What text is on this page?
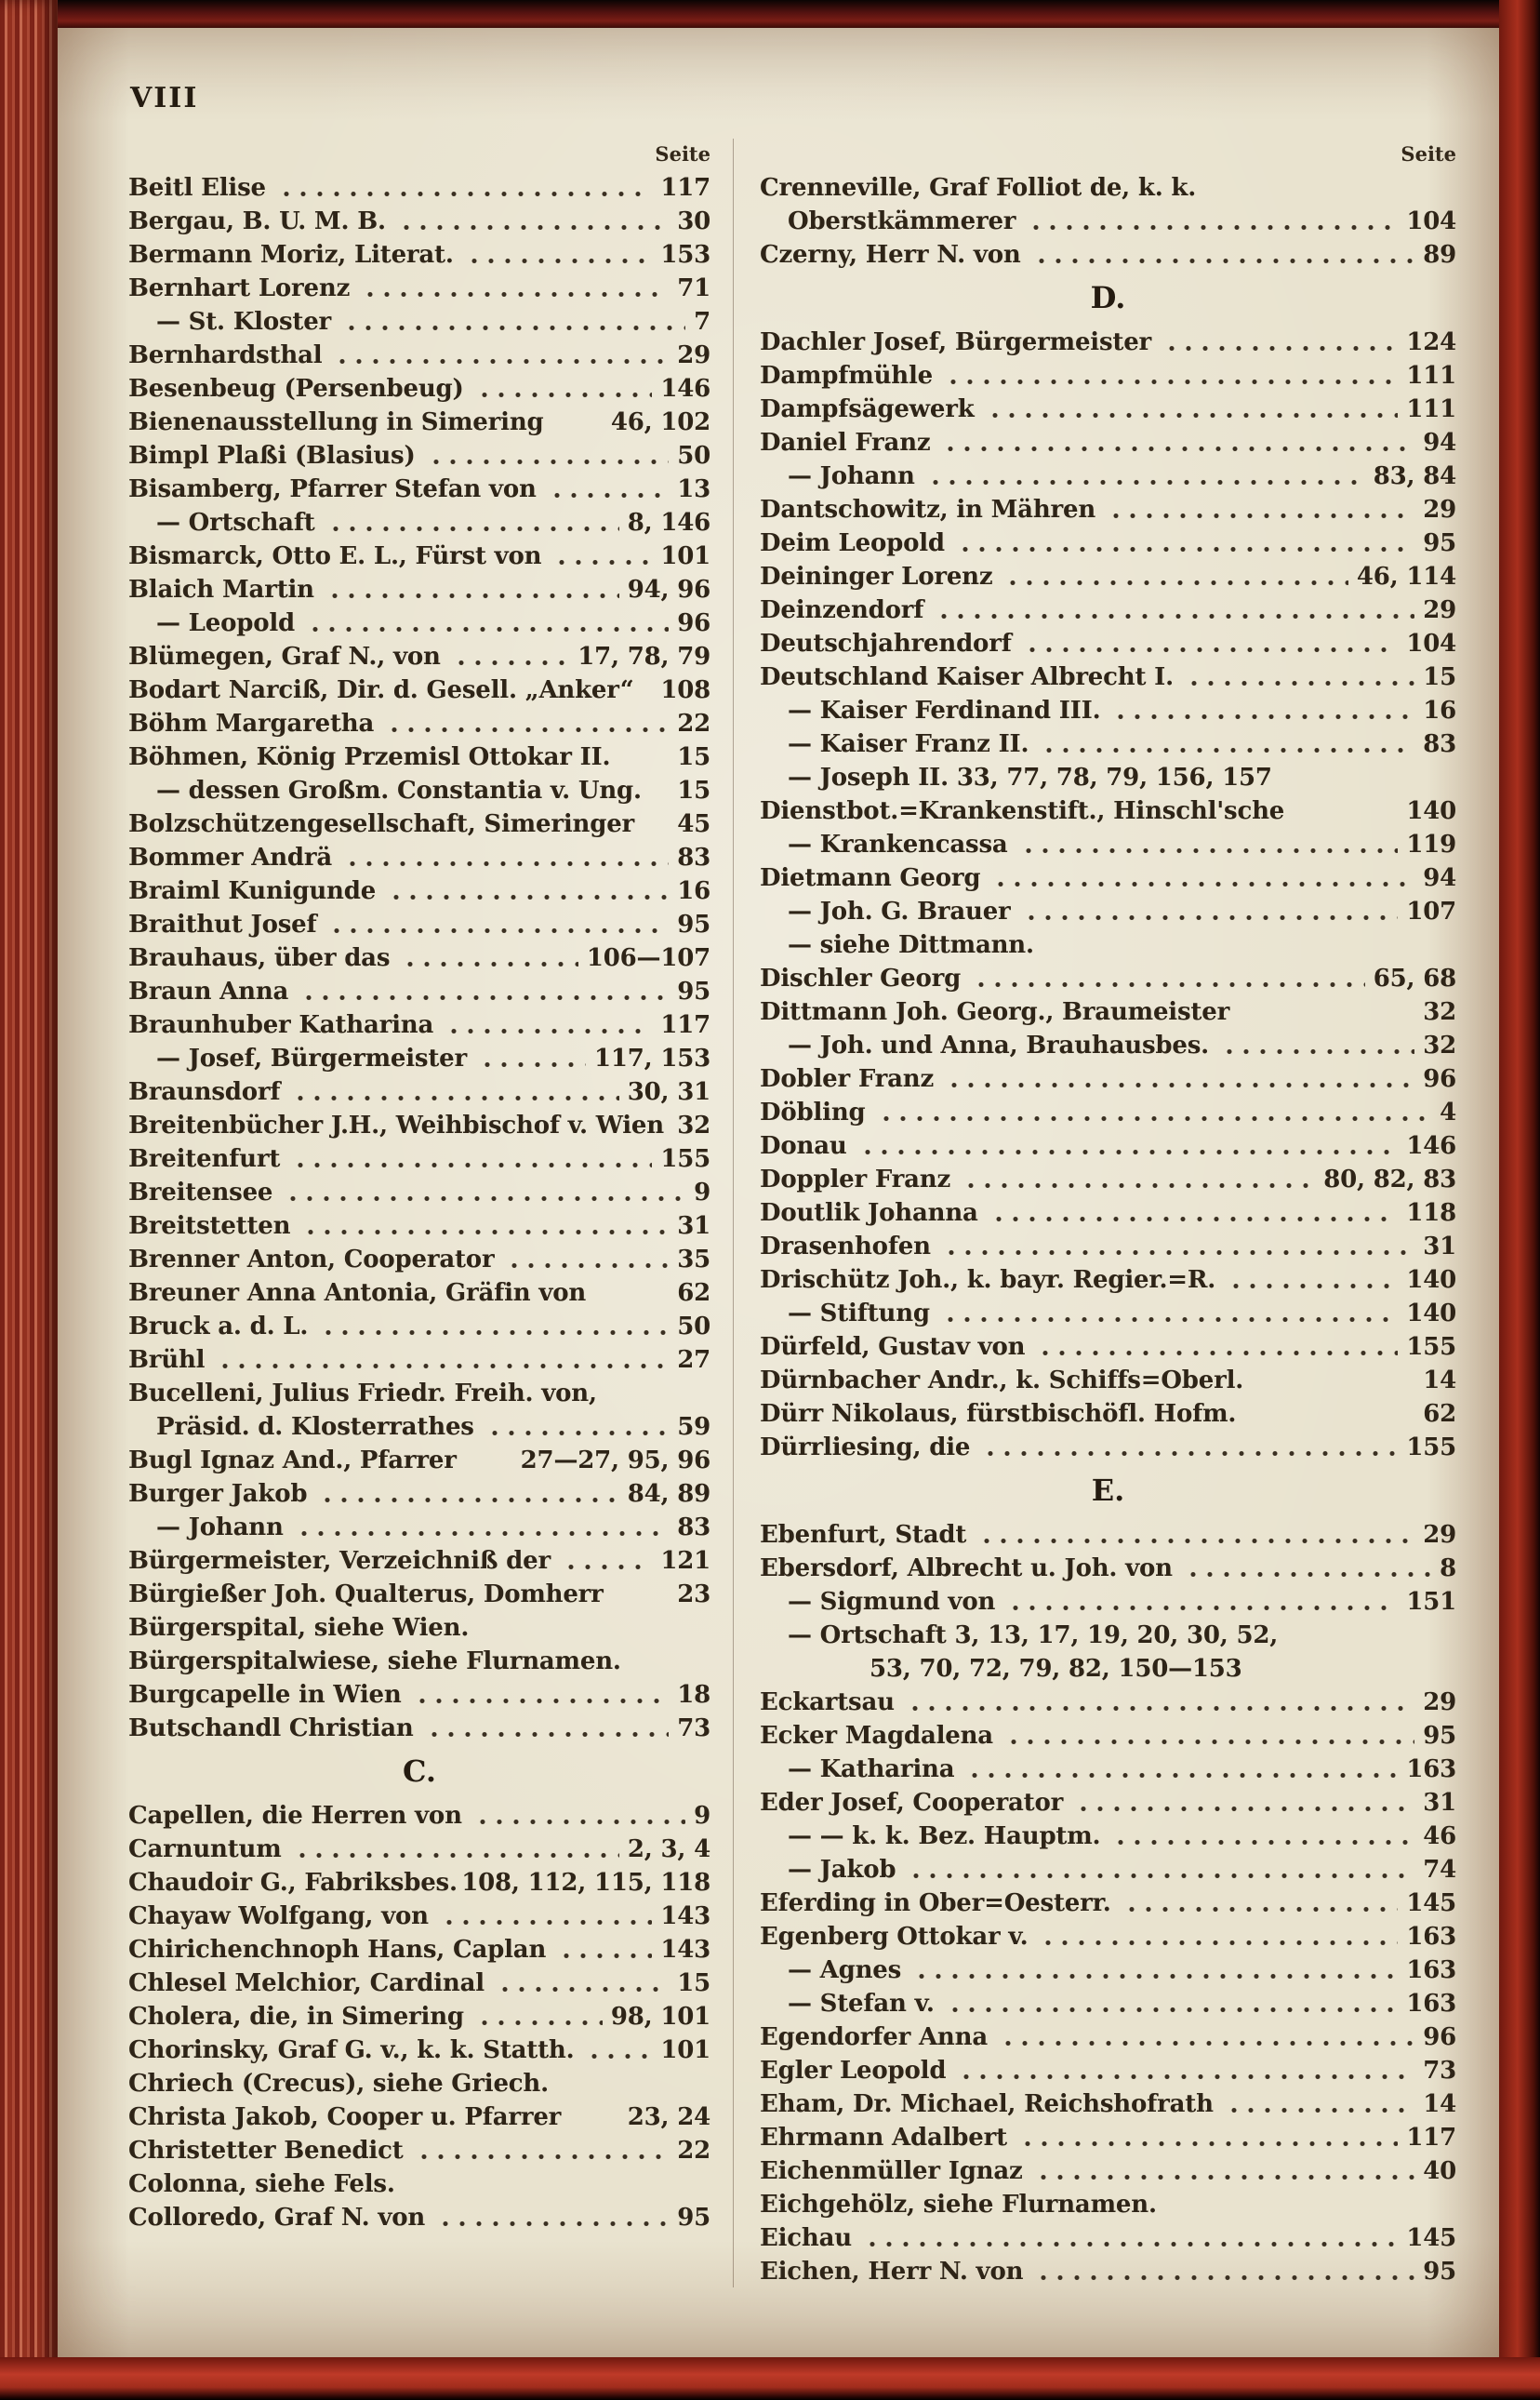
VIII
Seite
Beitl Elise	117
Bergau, B. U. M. B.	30
Bermann Moriz, Literat.	153
Bernhart Lorenz	71
— St. Kloster	7
Bernhardsthal	29
Besenbeug (Persenbeug)	146
Bienenausstellung in Simering	46, 102
Bimpl Plaßi (Blasius)	50
Bisamberg, Pfarrer Stefan von	13
— Ortschaft	8, 146
Bismarck, Otto E. L., Fürst von	101
Blaich Martin	94, 96
— Leopold	96
Blümegen, Graf N., von	17, 78, 79
Bodart Narciß, Dir. d. Gesell. „Anker“ 108
Böhm Margaretha	22
Böhmen, König Przemisl Ottokar II.	15
— dessen Großm. Constantia v. Ung. 15
Bolzschützengesellschaft, Simeringer 45
Bommer Andrä	83
Braiml Kunigunde	16
Braithut Josef	95
Brauhaus, über das	106—107
Braun Anna	95
Braunhuber Katharina	117
— Josef, Bürgermeister	117, 153
Braunsdorf	30, 31
Breitenbücher J.H., Weihbischof v. Wien 32
Breitenfurt	155
Breitensee	9
Breitstetten	31
Brenner Anton, Cooperator	35
Breuner Anna Antonia, Gräfin von	62
Bruck a. d. L.	50
Brühl	27
Bucelleni, Julius Friedr. Freih. von,
Präsid. d. Klosterrathes	59
Bugl Ignaz And., Pfarrer	27—27, 95, 96
Burger Jakob	84, 89
— Johann	83
Bürgermeister, Verzeichniß der	121
Bürgießer Joh. Qualterus, Domherr	23
Bürgerspital, siehe Wien.
Bürgerspitalwiese, siehe Flurnamen.
Burgcapelle in Wien	18
Butschandl Christian	73
C.
Capellen, die Herren von	9
Carnuntum	2, 3, 4
Chaudoir G., Fabriksbes. 108, 112, 115, 118
Chayaw Wolfgang, von	143
Chirichenchnoph Hans, Caplan	143
Chlesel Melchior, Cardinal	15
Cholera, die, in Simering	98, 101
Chorinsky, Graf G. v., k. k. Statth.	101
Chriech (Crecus), siehe Griech.
Christa Jakob, Cooper u. Pfarrer	23, 24
Christetter Benedict	22
Colonna, siehe Fels.
Colloredo, Graf N. von	95
Seite
Crenneville, Graf Folliot de, k. k.
Oberstkämmerer	104
Czerny, Herr N. von	89
D.
Dachler Josef, Bürgermeister	124
Dampfmühle	111
Dampfsägewerk	111
Daniel Franz	94
— Johann	83, 84
Dantschowitz, in Mähren	29
Deim Leopold	95
Deininger Lorenz	46, 114
Deinzendorf	29
Deutschjahrendorf	104
Deutschland Kaiser Albrecht I.	15
— Kaiser Ferdinand III.	16
— Kaiser Franz II.	83
— Joseph II. 33, 77, 78, 79, 156, 157
Dienstbot.=Krankenstift., Hinschl'sche	140
— Krankencassa	119
Dietmann Georg	94
— Joh. G. Brauer	107
— siehe Dittmann.
Dischler Georg	65, 68
Dittmann Joh. Georg., Braumeister	32
— Joh. und Anna, Brauhausbes.	32
Dobler Franz	96
Döbling	4
Donau	146
Doppler Franz	80, 82, 83
Doutlik Johanna	118
Drasenhofen	31
Drischütz Joh., k. bayr. Regier.=R.	140
— Stiftung	140
Dürfeld, Gustav von	155
Dürnbacher Andr., k. Schiffs=Oberl.	14
Dürr Nikolaus, fürstbischöfl. Hofm.	62
Dürrliesing, die	155
E.
Ebenfurt, Stadt	29
Ebersdorf, Albrecht u. Joh. von	8
— Sigmund von	151
— Ortschaft 3, 13, 17, 19, 20, 30, 52,
53, 70, 72, 79, 82, 150—153
Eckartsau	29
Ecker Magdalena	95
— Katharina	163
Eder Josef, Cooperator	31
— — k. k. Bez. Hauptm.	46
— Jakob	74
Eferding in Ober=Oesterr.	145
Egenberg Ottokar v.	163
— Agnes	163
— Stefan v.	163
Egendorfer Anna	96
Egler Leopold	73
Eham, Dr. Michael, Reichshofrath	14
Ehrmann Adalbert	117
Eichenmüller Ignaz	40
Eichgehölz, siehe Flurnamen.
Eichau	145
Eichen, Herr N. von	95
